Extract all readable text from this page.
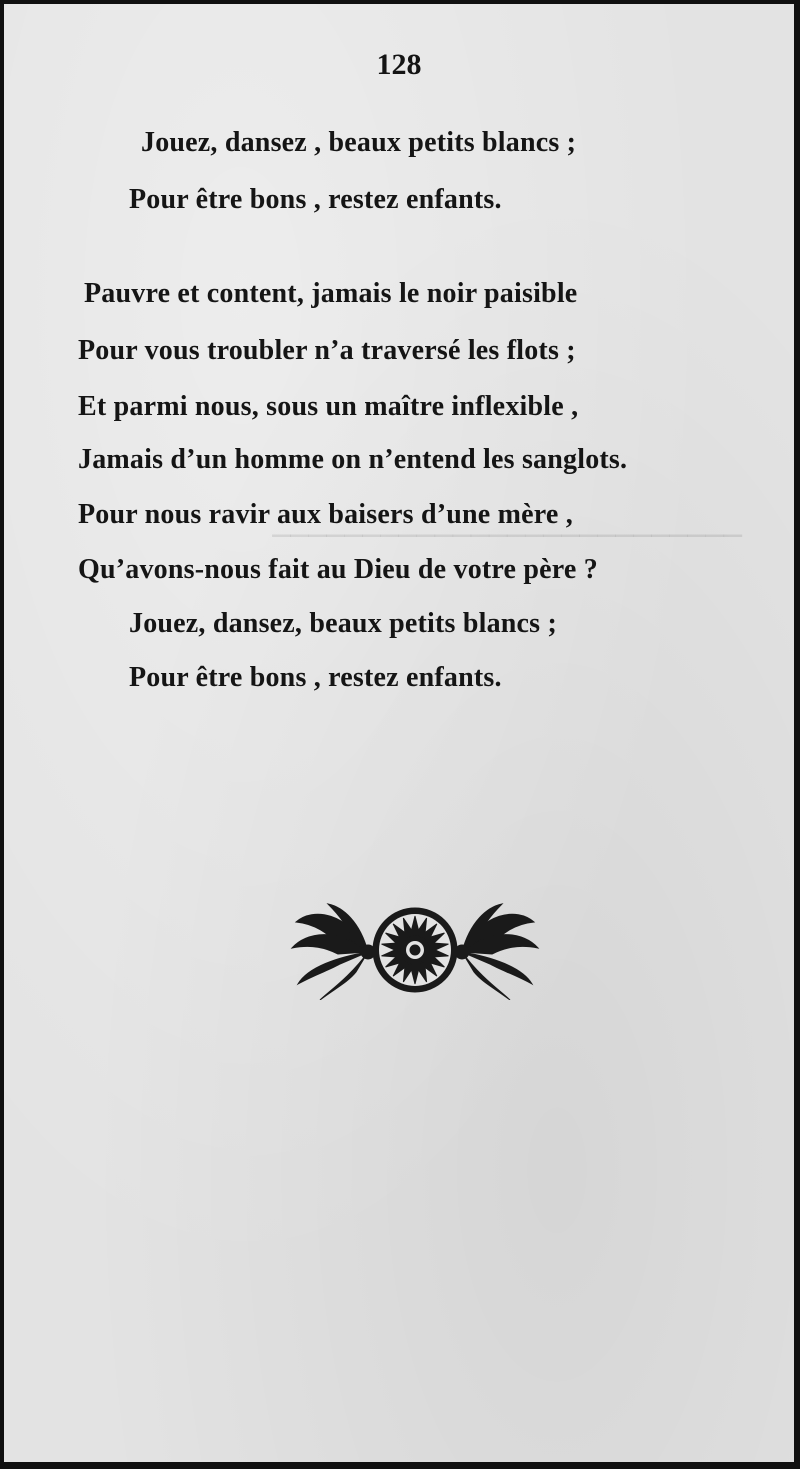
──────────────────────────
128
Jouez, dansez , beaux petits blancs ;
Pour être bons , restez enfants.
Pauvre et content, jamais le noir paisible
Pour vous troubler n’a traversé les flots ;
Et parmi nous, sous un maître inflexible ,
Jamais d’un homme on n’entend les sanglots.
Pour nous ravir aux baisers d’une mère ,
Qu’avons-nous fait au Dieu de votre père ?
Jouez, dansez, beaux petits blancs ;
Pour être bons , restez enfants.
